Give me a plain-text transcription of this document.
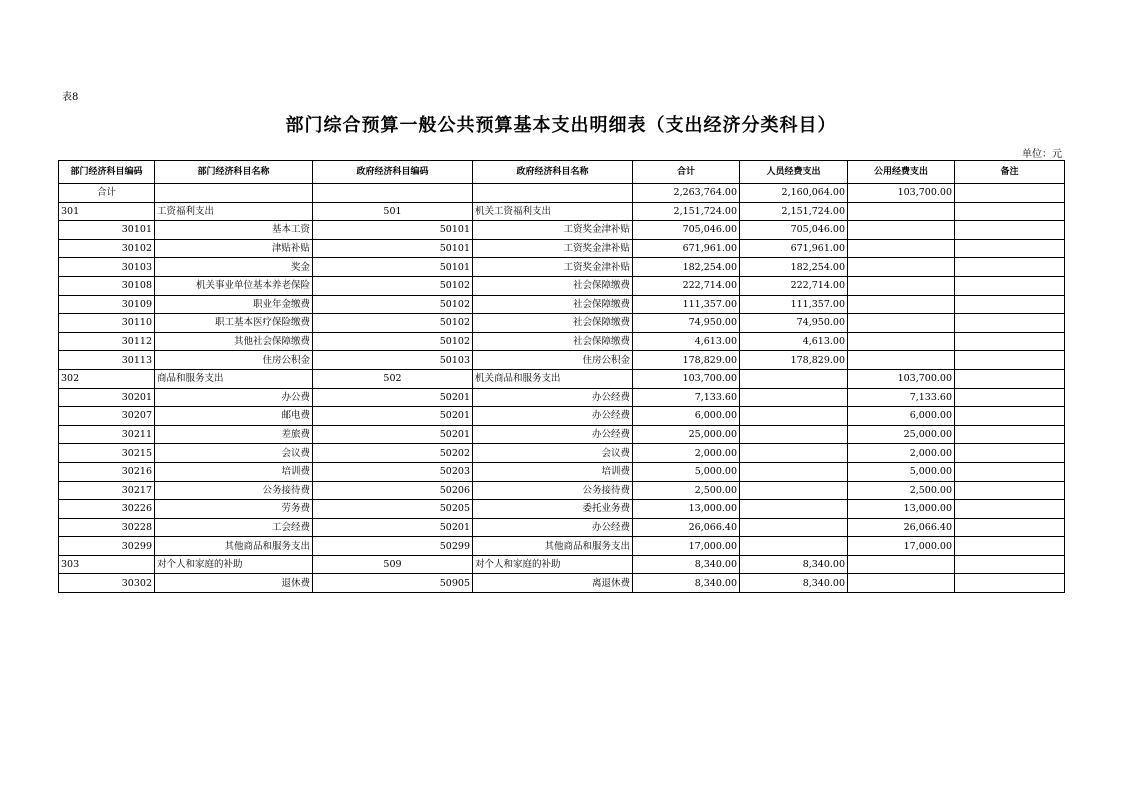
表8
部门综合预算一般公共预算基本支出明细表（支出经济分类科目）
单位：元
部门经济科目编码	部门经济科目名称	政府经济科目编码	政府经济科目名称	合计	人员经费支出	公用经费支出	备注
合计				2,263,764.00	2,160,064.00	103,700.00	
301	工资福利支出	501	机关工资福利支出	2,151,724.00	2,151,724.00		
30101	基本工资	50101	工资奖金津补贴	705,046.00	705,046.00		
30102	津贴补贴	50101	工资奖金津补贴	671,961.00	671,961.00		
30103	奖金	50101	工资奖金津补贴	182,254.00	182,254.00		
30108	机关事业单位基本养老保险	50102	社会保障缴费	222,714.00	222,714.00		
30109	职业年金缴费	50102	社会保障缴费	111,357.00	111,357.00		
30110	职工基本医疗保险缴费	50102	社会保障缴费	74,950.00	74,950.00		
30112	其他社会保障缴费	50102	社会保障缴费	4,613.00	4,613.00		
30113	住房公积金	50103	住房公积金	178,829.00	178,829.00		
302	商品和服务支出	502	机关商品和服务支出	103,700.00		103,700.00	
30201	办公费	50201	办公经费	7,133.60		7,133.60	
30207	邮电费	50201	办公经费	6,000.00		6,000.00	
30211	差旅费	50201	办公经费	25,000.00		25,000.00	
30215	会议费	50202	会议费	2,000.00		2,000.00	
30216	培训费	50203	培训费	5,000.00		5,000.00	
30217	公务接待费	50206	公务接待费	2,500.00		2,500.00	
30226	劳务费	50205	委托业务费	13,000.00		13,000.00	
30228	工会经费	50201	办公经费	26,066.40		26,066.40	
30299	其他商品和服务支出	50299	其他商品和服务支出	17,000.00		17,000.00	
303	对个人和家庭的补助	509	对个人和家庭的补助	8,340.00	8,340.00		
30302	退休费	50905	离退休费	8,340.00	8,340.00		
